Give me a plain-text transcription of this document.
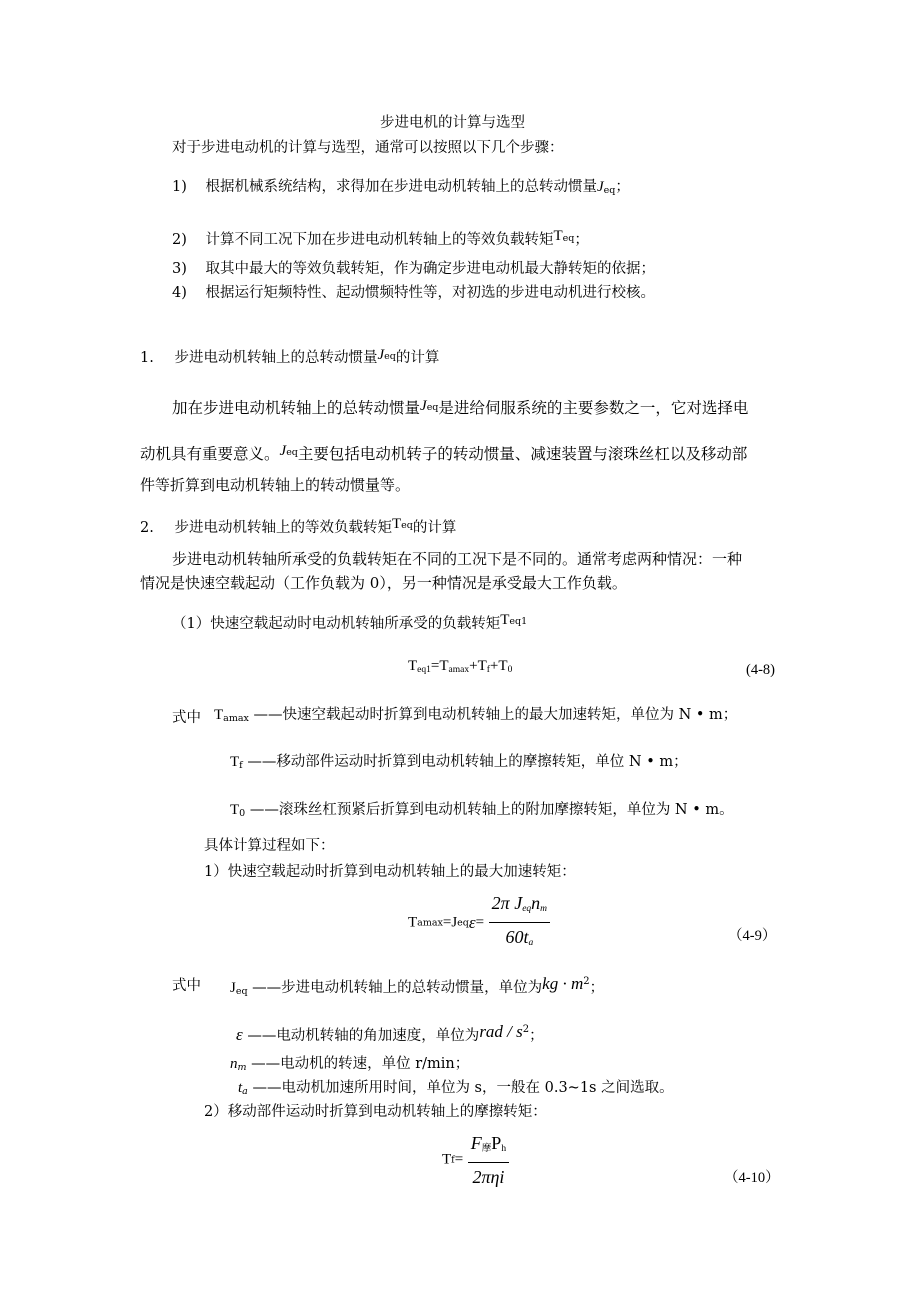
步进电机的计算与选型
对于步进电动机的计算与选型，通常可以按照以下几个步骤：
1) 根据机械系统结构，求得加在步进电动机转轴上的总转动惯量$J_{eq}$；
2) 计算不同工况下加在步进电动机转轴上的等效负载转矩$T^{eq}$；
3) 取其中最大的等效负载转矩，作为确定步进电动机最大静转矩的依据；
4) 根据运行矩频特性、起动惯频特性等，对初选的步进电动机进行校核。
1. 步进电动机转轴上的总转动惯量$J^{eq}$的计算
加在步进电动机转轴上的总转动惯量$J^{eq}$是进给伺服系统的主要参数之一，它对选择电
动机具有重要意义。$J^{eq}$主要包括电动机转子的转动惯量、减速装置与滚珠丝杠以及移动部
件等折算到电动机转轴上的转动惯量等。
2. 步进电动机转轴上的等效负载转矩$T^{eq}$的计算
步进电动机转轴所承受的负载转矩在不同的工况下是不同的。通常考虑两种情况：一种
情况是快速空载起动（工作负载为 0），另一种情况是承受最大工作负载。
（1）快速空载起动时电动机转轴所承受的负载转矩$T^{eq1}$
$T_{eq1}=T_{amax}+T_f+T_0$	(4-8)
式中 $T_{amax}$ ——快速空载起动时折算到电动机转轴上的最大加速转矩，单位为 N • m；
$T_f$ ——移动部件运动时折算到电动机转轴上的摩擦转矩，单位 N • m；
$T_0$ ——滚珠丝杠预紧后折算到电动机转轴上的附加摩擦转矩，单位为 N • m。
具体计算过程如下：
1）快速空载起动时折算到电动机转轴上的最大加速转矩：
$Tamax=Jeq\varepsilon= \frac{2\pi J_{eq}n_m}{60t_a}$	（4-9）
式中 $J_{eq}$ ——步进电动机转轴上的总转动惯量，单位为kg · $m^2$；
ε ——电动机转轴的角加速度，单位为rad / $s^2$；
$n_m$ ——电动机的转速，单位 r/min；
$t_a$ ——电动机加速所用时间，单位为 s，一般在 0.3~1s 之间选取。
2）移动部件运动时折算到电动机转轴上的摩擦转矩：
$Tf= \frac{F_摩P_h}{\text{2πηi}}$	（4-10）
